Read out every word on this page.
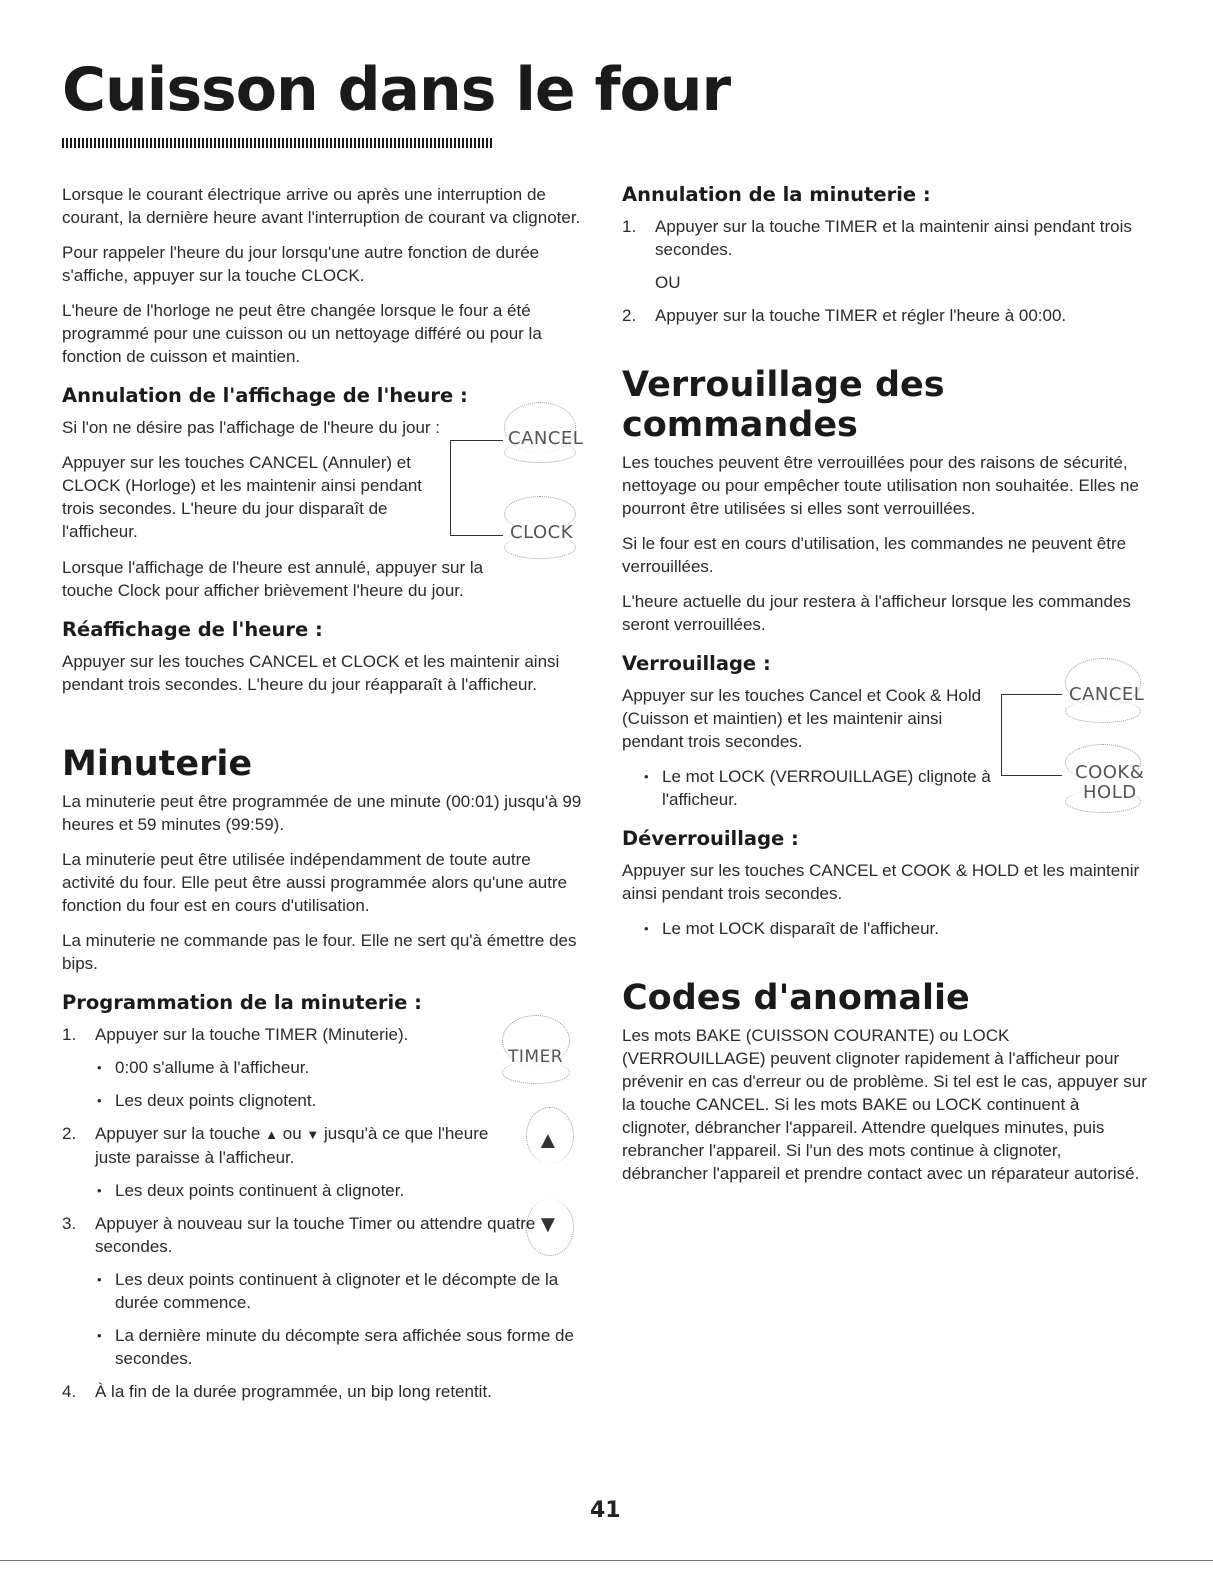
Cuisson dans le four

Lorsque le courant électrique arrive ou après une interruption de courant, la dernière heure avant l'interruption de courant va clignoter.

Pour rappeler l'heure du jour lorsqu'une autre fonction de durée s'affiche, appuyer sur la touche CLOCK.

L'heure de l'horloge ne peut être changée lorsque le four a été programmé pour une cuisson ou un nettoyage différé ou pour la fonction de cuisson et maintien.

Annulation de l'affichage de l'heure :

Si l'on ne désire pas l'affichage de l'heure du jour :

Appuyer sur les touches CANCEL (Annuler) et CLOCK (Horloge) et les maintenir ainsi pendant trois secondes. L'heure du jour disparaît de l'afficheur.

CANCEL
CLOCK

Lorsque l'affichage de l'heure est annulé, appuyer sur la touche Clock pour afficher brièvement l'heure du jour.

Réaffichage de l'heure :

Appuyer sur les touches CANCEL et CLOCK et les maintenir ainsi pendant trois secondes. L'heure du jour réapparaît à l'afficheur.

Minuterie

La minuterie peut être programmée de une minute (00:01) jusqu'à 99 heures et 59 minutes (99:59).

La minuterie peut être utilisée indépendamment de toute autre activité du four. Elle peut être aussi programmée alors qu'une autre fonction du four est en cours d'utilisation.

La minuterie ne commande pas le four. Elle ne sert qu'à émettre des bips.

Programmation de la minuterie :
TIMER
▲
▼
1. Appuyer sur la touche TIMER (Minuterie).
• 0:00 s'allume à l'afficheur.
• Les deux points clignotent.
2. Appuyer sur la touche ▲ ou ▼ jusqu'à ce que l'heure juste paraisse à l'afficheur.
• Les deux points continuent à clignoter.
3. Appuyer à nouveau sur la touche Timer ou attendre quatre secondes.
• Les deux points continuent à clignoter et le décompte de la durée commence.
• La dernière minute du décompte sera affichée sous forme de secondes.
4. À la fin de la durée programmée, un bip long retentit.
Annulation de la minuterie :
1. Appuyer sur la touche TIMER et la maintenir ainsi pendant trois secondes.
OU
2. Appuyer sur la touche TIMER et régler l'heure à 00:00.
Verrouillage des commandes

Les touches peuvent être verrouillées pour des raisons de sécurité, nettoyage ou pour empêcher toute utilisation non souhaitée. Elles ne pourront être utilisées si elles sont verrouillées.

Si le four est en cours d'utilisation, les commandes ne peuvent être verrouillées.

L'heure actuelle du jour restera à l'afficheur lorsque les commandes seront verrouillées.

Verrouillage :

Appuyer sur les touches Cancel et Cook & Hold (Cuisson et maintien) et les maintenir ainsi pendant trois secondes.

• Le mot LOCK (VERROUILLAGE) clignote à l'afficheur.
CANCEL
COOK&
HOLD
Déverrouillage :

Appuyer sur les touches CANCEL et COOK & HOLD et les maintenir ainsi pendant trois secondes.

• Le mot LOCK disparaît de l'afficheur.
Codes d'anomalie

Les mots BAKE (CUISSON COURANTE) ou LOCK (VERROUILLAGE) peuvent clignoter rapidement à l'afficheur pour prévenir en cas d'erreur ou de problème. Si tel est le cas, appuyer sur la touche CANCEL. Si les mots BAKE ou LOCK continuent à clignoter, débrancher l'appareil. Attendre quelques minutes, puis rebrancher l'appareil. Si l'un des mots continue à clignoter, débrancher l'appareil et prendre contact avec un réparateur autorisé.

41
